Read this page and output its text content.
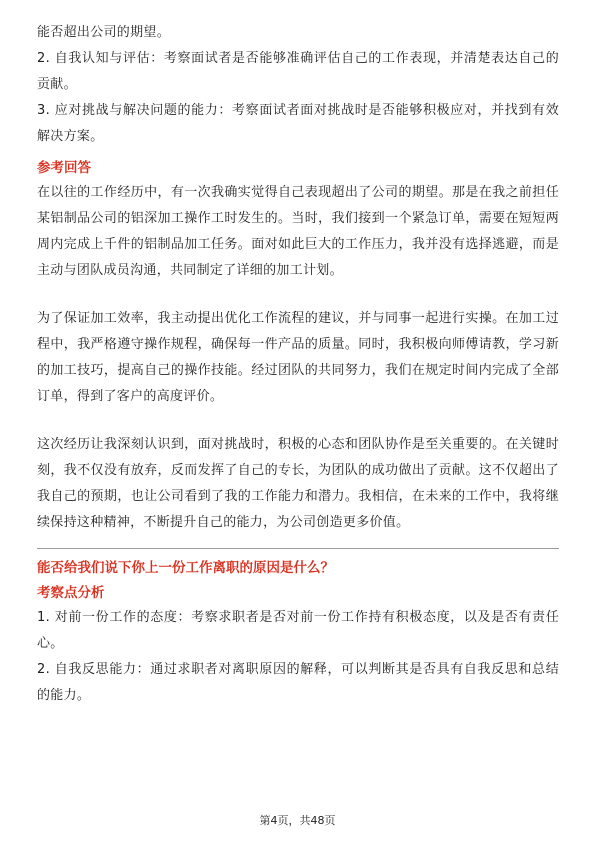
能否超出公司的期望。

2. 自我认知与评估：考察面试者是否能够准确评估自己的工作表现，并清楚表达自己的贡献。

3. 应对挑战与解决问题的能力：考察面试者面对挑战时是否能够积极应对，并找到有效解决方案。

参考回答

在以往的工作经历中，有一次我确实觉得自己表现超出了公司的期望。那是在我之前担任某铝制品公司的铝深加工操作工时发生的。当时，我们接到一个紧急订单，需要在短短两周内完成上千件的铝制品加工任务。面对如此巨大的工作压力，我并没有选择逃避，而是主动与团队成员沟通，共同制定了详细的加工计划。

为了保证加工效率，我主动提出优化工作流程的建议，并与同事一起进行实操。在加工过程中，我严格遵守操作规程，确保每一件产品的质量。同时，我积极向师傅请教，学习新的加工技巧，提高自己的操作技能。经过团队的共同努力，我们在规定时间内完成了全部订单，得到了客户的高度评价。

这次经历让我深刻认识到，面对挑战时，积极的心态和团队协作是至关重要的。在关键时刻，我不仅没有放弃，反而发挥了自己的专长，为团队的成功做出了贡献。这不仅超出了我自己的预期，也让公司看到了我的工作能力和潜力。我相信，在未来的工作中，我将继续保持这种精神，不断提升自己的能力，为公司创造更多价值。

能否给我们说下你上一份工作离职的原因是什么？

考察点分析

1. 对前一份工作的态度：考察求职者是否对前一份工作持有积极态度，以及是否有责任心。

2. 自我反思能力：通过求职者对离职原因的解释，可以判断其是否具有自我反思和总结的能力。

第4页，共48页
